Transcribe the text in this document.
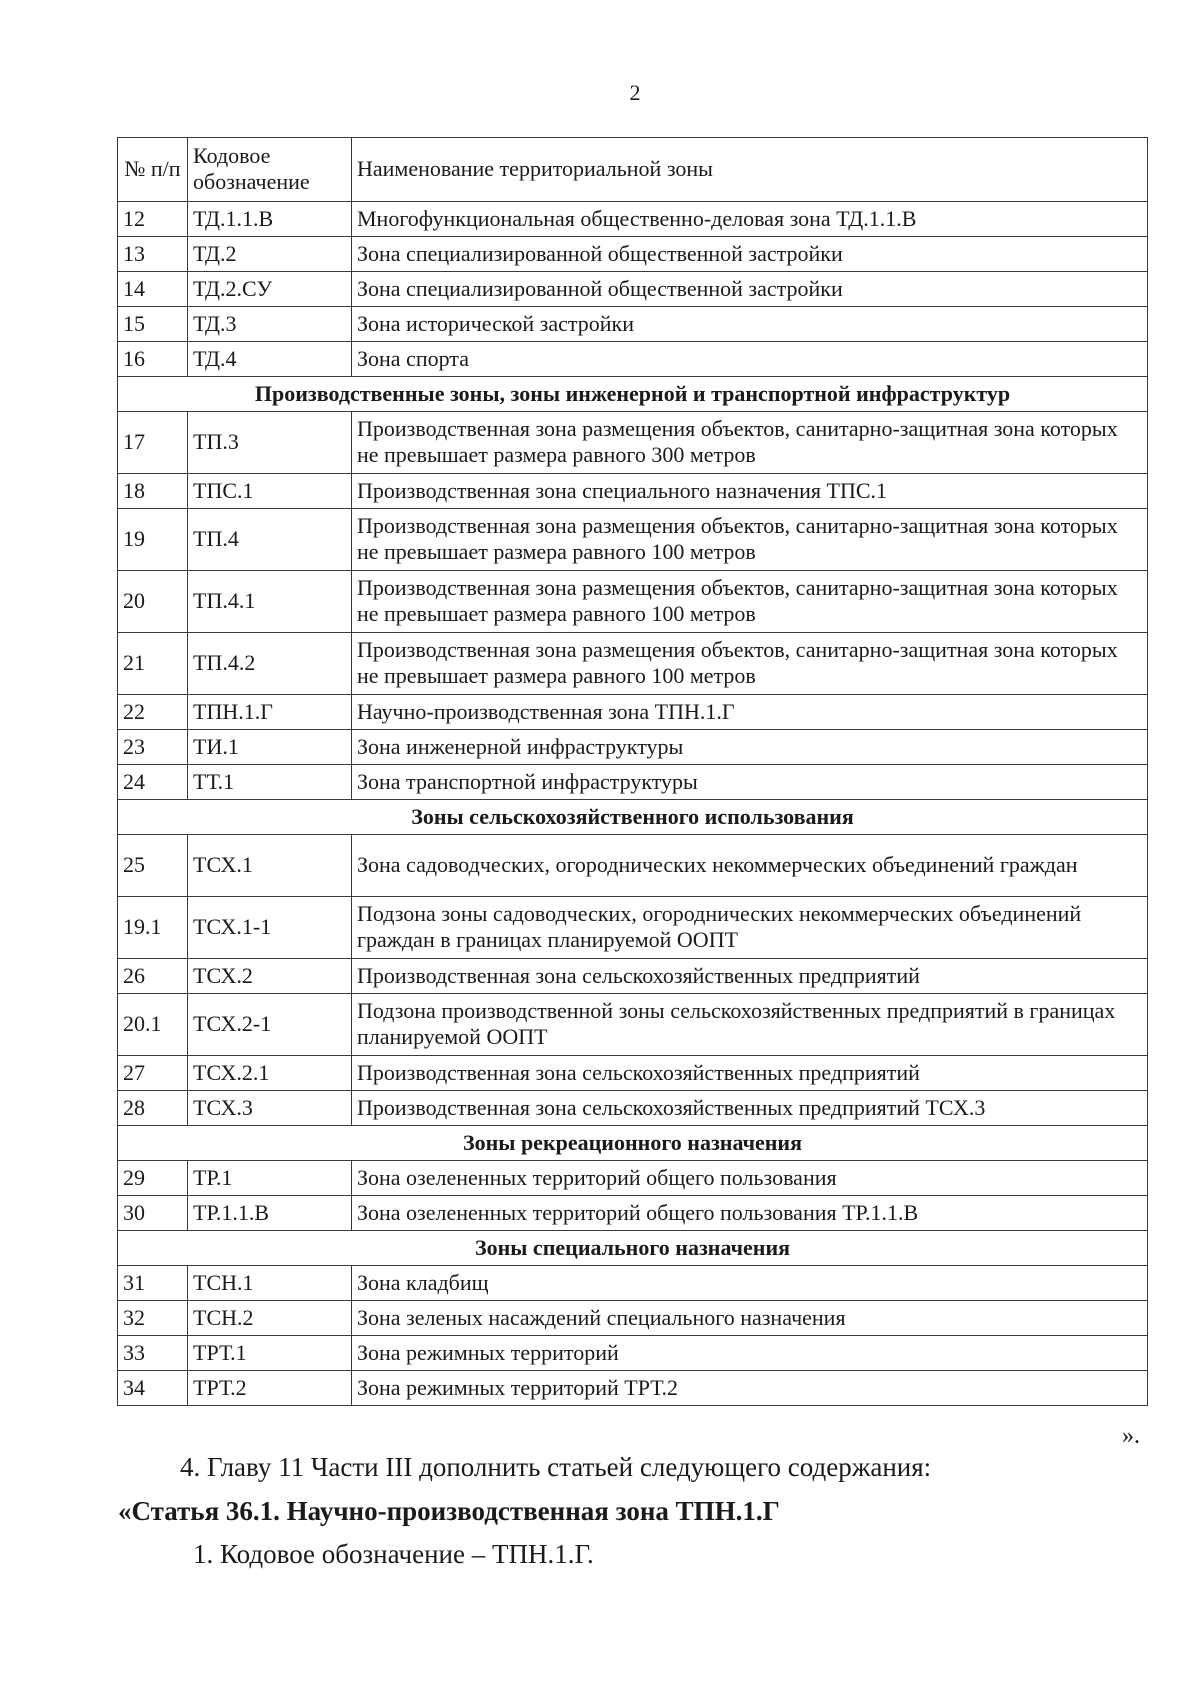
2
№ п/п	Кодовое обозначение	Наименование территориальной зоны
12	ТД.1.1.В	Многофункциональная общественно-деловая зона ТД.1.1.В
13	ТД.2	Зона специализированной общественной застройки
14	ТД.2.СУ	Зона специализированной общественной застройки
15	ТД.3	Зона исторической застройки
16	ТД.4	Зона спорта
Производственные зоны, зоны инженерной и транспортной инфраструктур		
17	ТП.3	Производственная зона размещения объектов, санитарно-защитная зона которых не превышает размера равного 300 метров
18	ТПС.1	Производственная зона специального назначения ТПС.1
19	ТП.4	Производственная зона размещения объектов, санитарно-защитная зона которых не превышает размера равного 100 метров
20	ТП.4.1	Производственная зона размещения объектов, санитарно-защитная зона которых не превышает размера равного 100 метров
21	ТП.4.2	Производственная зона размещения объектов, санитарно-защитная зона которых не превышает размера равного 100 метров
22	ТПН.1.Г	Научно-производственная зона ТПН.1.Г
23	ТИ.1	Зона инженерной инфраструктуры
24	ТТ.1	Зона транспортной инфраструктуры
Зоны сельскохозяйственного использования		
25	ТСХ.1	Зона садоводческих, огороднических некоммерческих объединений граждан
19.1	ТСХ.1-1	Подзона зоны садоводческих, огороднических некоммерческих объединений граждан в границах планируемой ООПТ
26	ТСХ.2	Производственная зона сельскохозяйственных предприятий
20.1	ТСХ.2-1	Подзона производственной зоны сельскохозяйственных предприятий в границах планируемой ООПТ
27	ТСХ.2.1	Производственная зона сельскохозяйственных предприятий
28	ТСХ.3	Производственная зона сельскохозяйственных предприятий ТСХ.3
Зоны рекреационного назначения		
29	ТР.1	Зона озелененных территорий общего пользования
30	ТР.1.1.В	Зона озелененных территорий общего пользования ТР.1.1.В
Зоны специального назначения		
31	ТСН.1	Зона кладбищ
32	ТСН.2	Зона зеленых насаждений специального назначения
33	ТРТ.1	Зона режимных территорий
34	ТРТ.2	Зона режимных территорий ТРТ.2
».
4. Главу 11 Части III дополнить статьей следующего содержания:
«Статья 36.1. Научно-производственная зона ТПН.1.Г
1. Кодовое обозначение – ТПН.1.Г.
